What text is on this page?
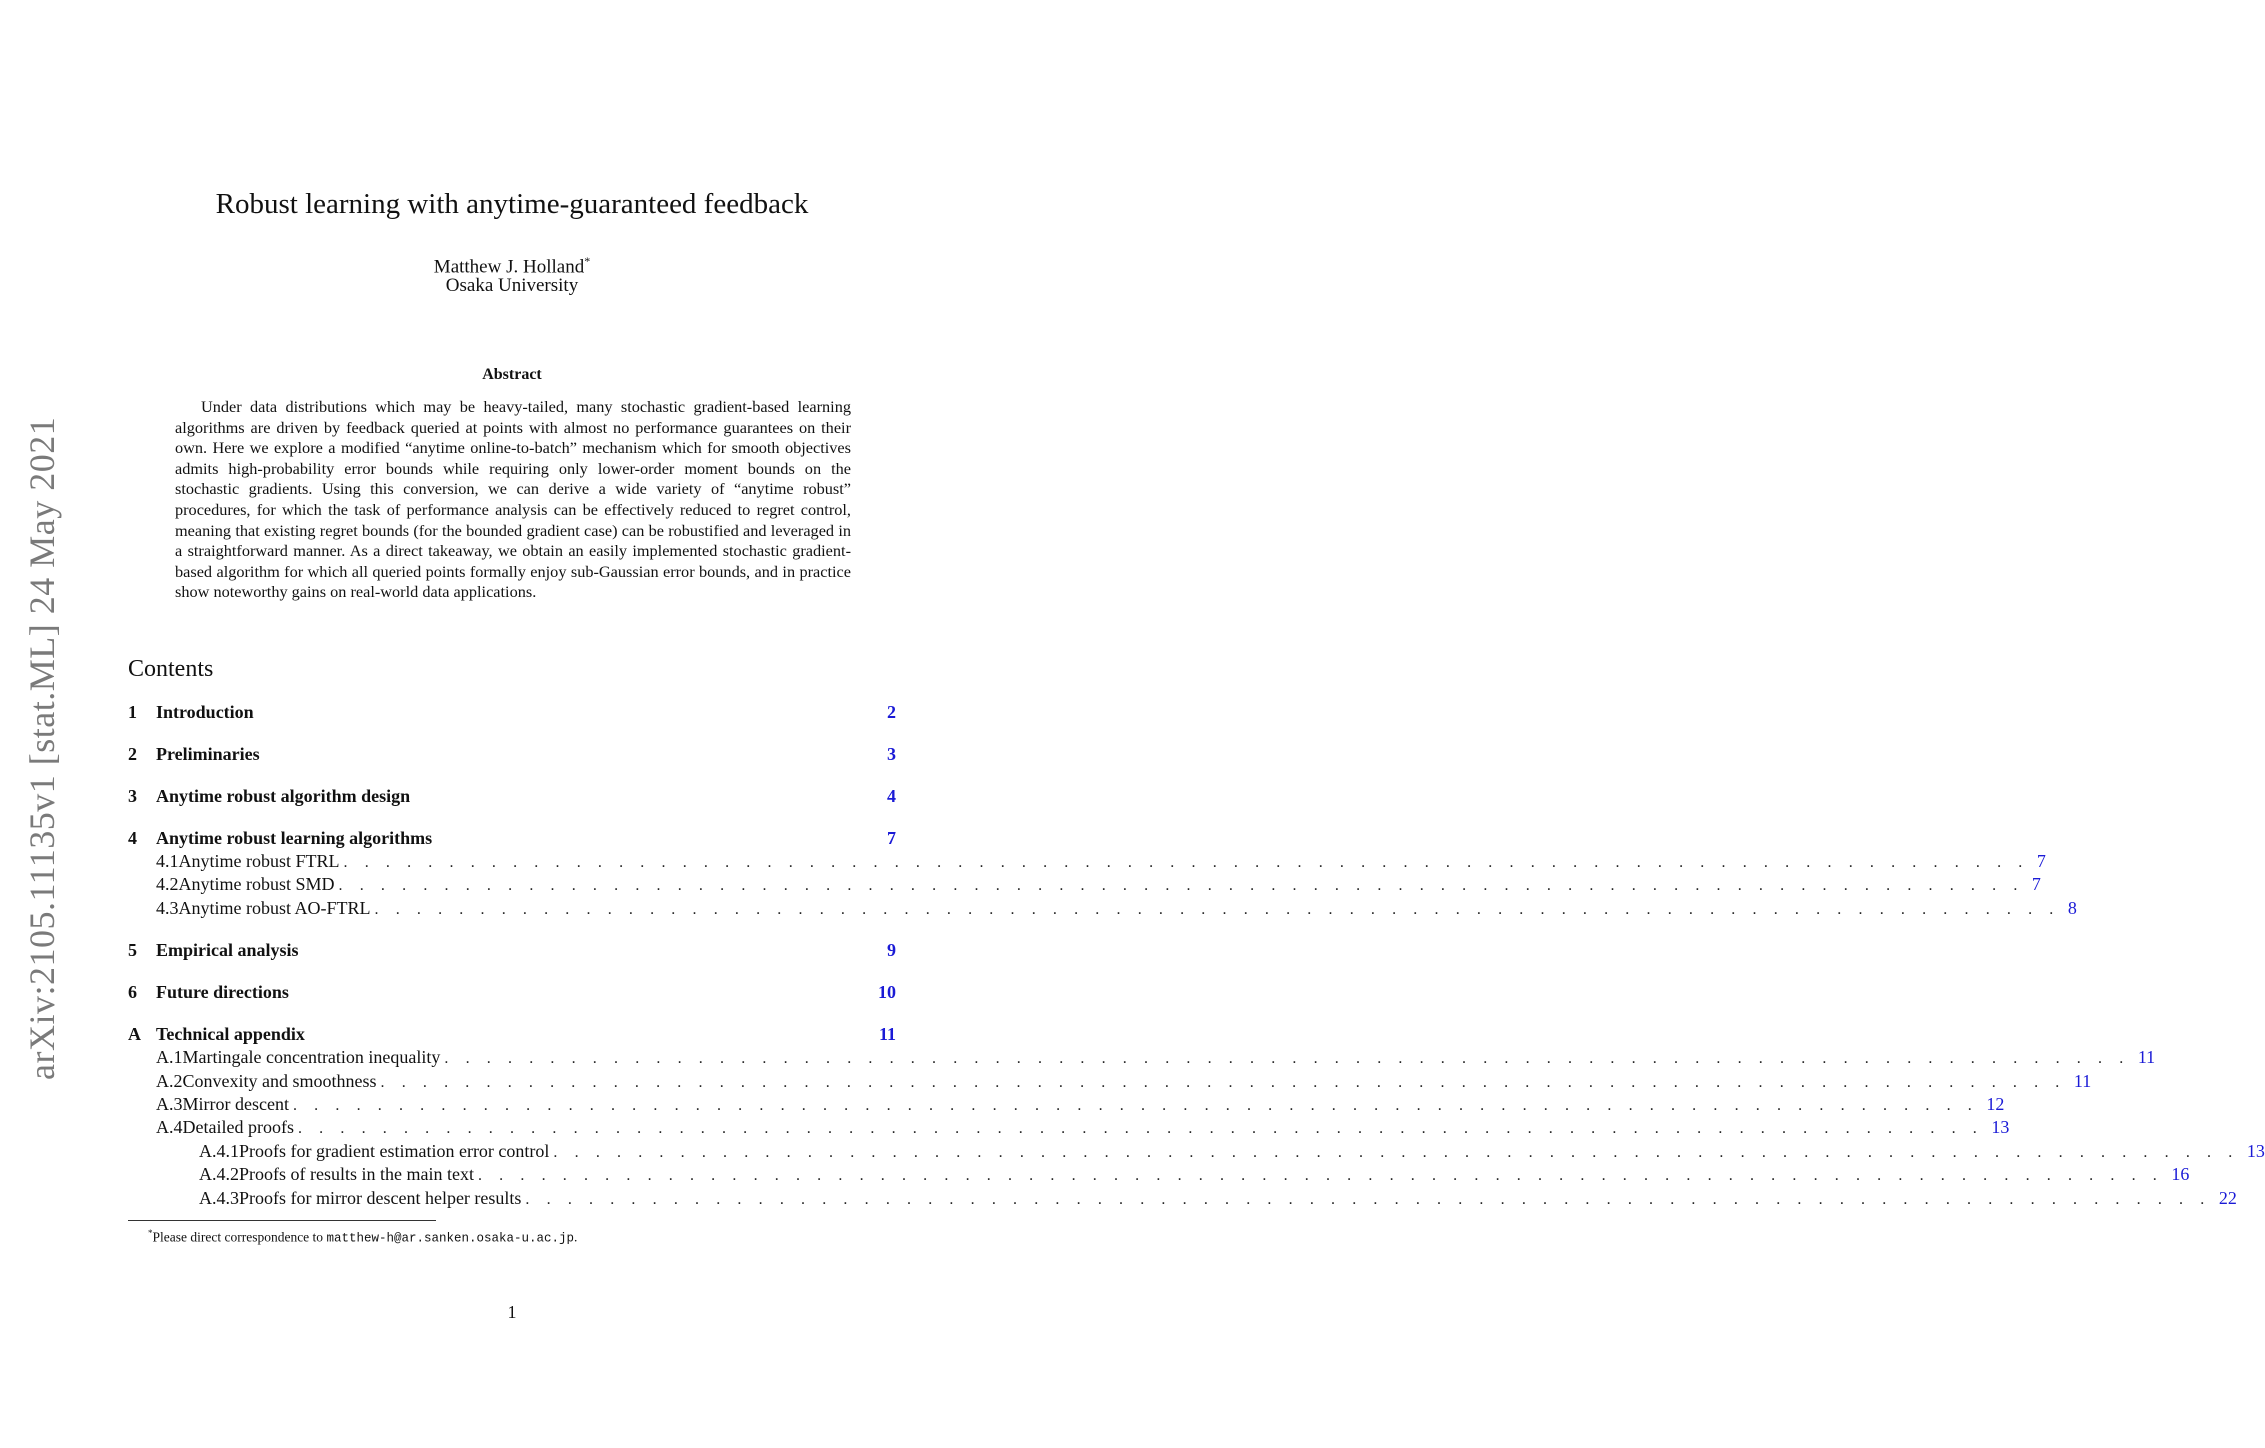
arXiv:2105.11135v1 [stat.ML] 24 May 2021
Robust learning with anytime-guaranteed feedback
Matthew J. Holland*
Osaka University
Abstract
Under data distributions which may be heavy-tailed, many stochastic gradient-based learning algorithms are driven by feedback queried at points with almost no performance guarantees on their own. Here we explore a modified “anytime online-to-batch” mechanism which for smooth objectives admits high-probability error bounds while requiring only lower-order moment bounds on the stochastic gradients. Using this conversion, we can derive a wide variety of “anytime robust” procedures, for which the task of performance analysis can be effectively reduced to regret control, meaning that existing regret bounds (for the bounded gradient case) can be robustified and leveraged in a straightforward manner. As a direct takeaway, we obtain an easily implemented stochastic gradient-based algorithm for which all queried points formally enjoy sub-Gaussian error bounds, and in practice show noteworthy gains on real-world data applications.
Contents
1	Introduction	2
2	Preliminaries	3
3	Anytime robust algorithm design	4
4	Anytime robust learning algorithms	7
4.1 Anytime robust FTRL . . . . . . . . . . . . . . . . . . . . . . . . . . . . . . . . . . . . . . . . . . . . . . . . . . . . . . . . . . . . . . . . . . . . . . . . . . . . . . . . 7
4.2 Anytime robust SMD . . . . . . . . . . . . . . . . . . . . . . . . . . . . . . . . . . . . . . . . . . . . . . . . . . . . . . . . . . . . . . . . . . . . . . . . . . . . . . . . 7
4.3 Anytime robust AO-FTRL . . . . . . . . . . . . . . . . . . . . . . . . . . . . . . . . . . . . . . . . . . . . . . . . . . . . . . . . . . . . . . . . . . . . . . . . . . . . . . . . 8
5	Empirical analysis	9
6	Future directions	10
A Technical appendix	11
A.1 Martingale concentration inequality . . . . . . . . . . . . . . . . . . . . . . . . . . . . . . . . . . . . . . . . . . . . . . . . . . . . . . . . . . . . . . . . . . . . . . . . . . . . . . . . 11
A.2 Convexity and smoothness . . . . . . . . . . . . . . . . . . . . . . . . . . . . . . . . . . . . . . . . . . . . . . . . . . . . . . . . . . . . . . . . . . . . . . . . . . . . . . . . 11
A.3 Mirror descent . . . . . . . . . . . . . . . . . . . . . . . . . . . . . . . . . . . . . . . . . . . . . . . . . . . . . . . . . . . . . . . . . . . . . . . . . . . . . . . . 12
A.4 Detailed proofs . . . . . . . . . . . . . . . . . . . . . . . . . . . . . . . . . . . . . . . . . . . . . . . . . . . . . . . . . . . . . . . . . . . . . . . . . . . . . . . . 13
A.4.1 Proofs for gradient estimation error control . . . . . . . . . . . . . . . . . . . . . . . . . . . . . . . . . . . . . . . . . . . . . . . . . . . . . . . . . . . . . . . . . . . . . . . . . . . . . . . . 13
A.4.2 Proofs of results in the main text . . . . . . . . . . . . . . . . . . . . . . . . . . . . . . . . . . . . . . . . . . . . . . . . . . . . . . . . . . . . . . . . . . . . . . . . . . . . . . . . 16
A.4.3 Proofs for mirror descent helper results . . . . . . . . . . . . . . . . . . . . . . . . . . . . . . . . . . . . . . . . . . . . . . . . . . . . . . . . . . . . . . . . . . . . . . . . . . . . . . . . 22
*Please direct correspondence to matthew-h@ar.sanken.osaka-u.ac.jp.
1
